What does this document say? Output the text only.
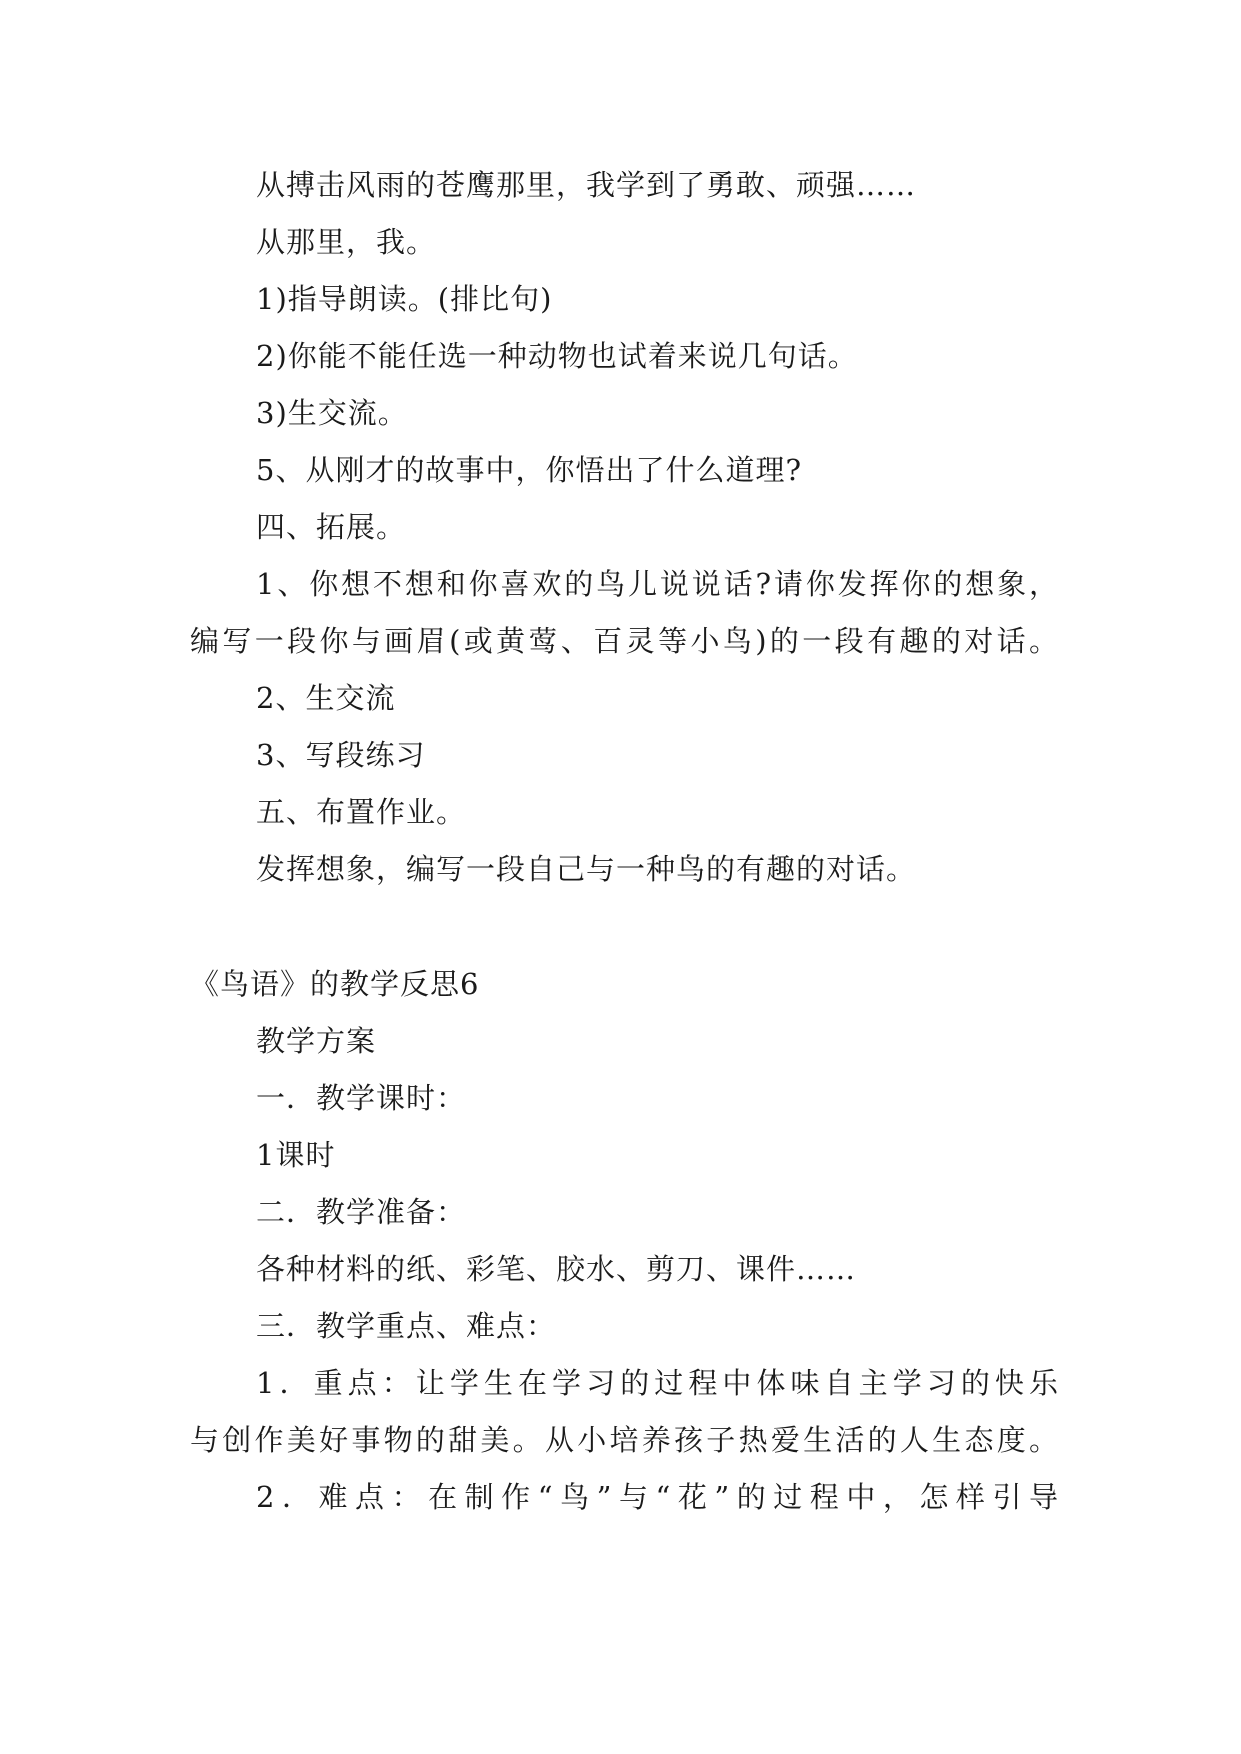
从搏击风雨的苍鹰那里，我学到了勇敢、顽强……
从那里，我。
1)指导朗读。(排比句)
2)你能不能任选一种动物也试着来说几句话。
3)生交流。
5、从刚才的故事中，你悟出了什么道理?
四、拓展。
1、你想不想和你喜欢的鸟儿说说话?请你发挥你的想象，
编写一段你与画眉(或黄莺、百灵等小鸟)的一段有趣的对话。
2、生交流
3、写段练习
五、布置作业。
发挥想象，编写一段自己与一种鸟的有趣的对话。
《鸟语》的教学反思6
教学方案
一．教学课时：
1课时
二．教学准备：
各种材料的纸、彩笔、胶水、剪刀、课件……
三．教学重点、难点：
1．重点：让学生在学习的过程中体味自主学习的快乐
与创作美好事物的甜美。从小培养孩子热爱生活的人生态度。
2．难点：在制作“鸟”与“花”的过程中，怎样引导
